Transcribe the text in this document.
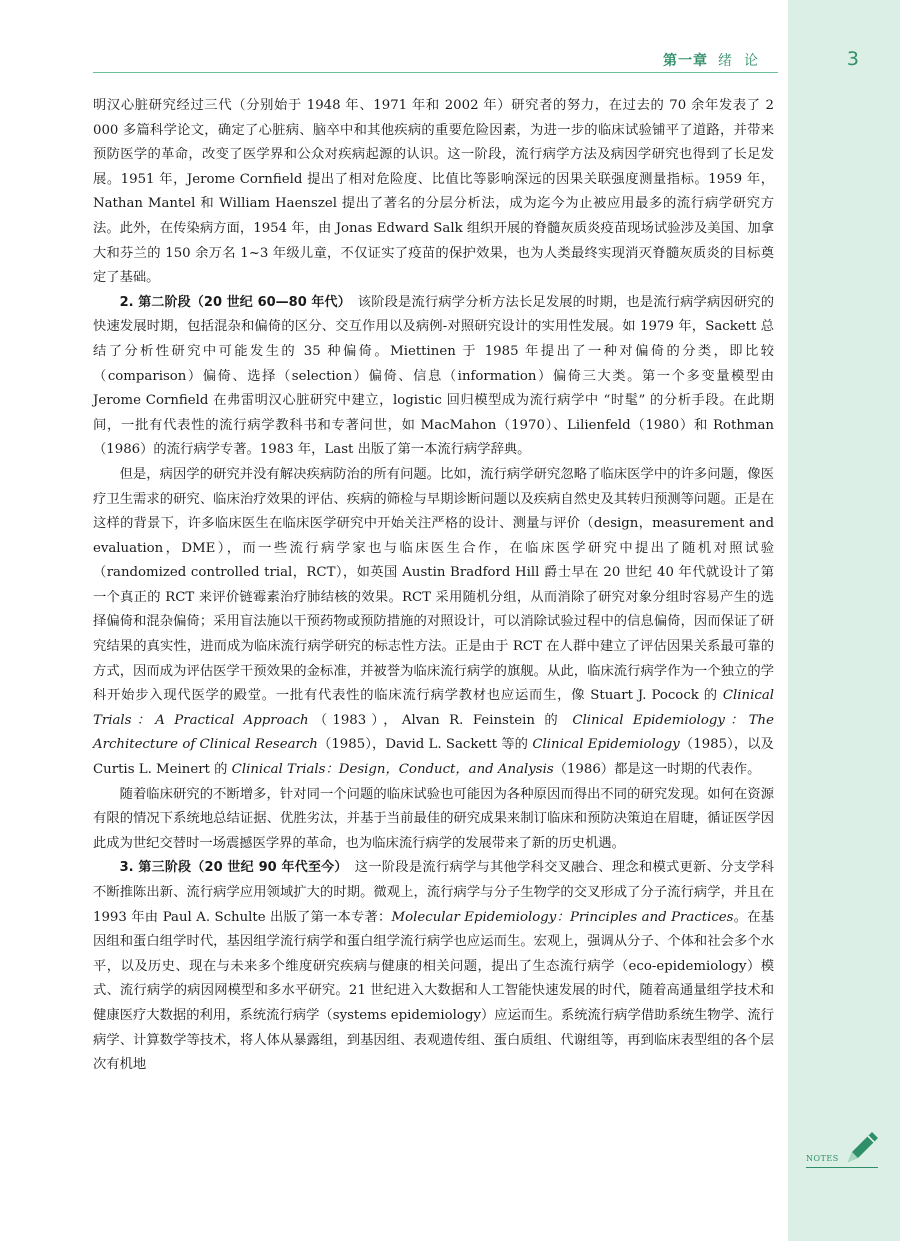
第一章 绪论	3

明汉心脏研究经过三代（分别始于 1948 年、1971 年和 2002 年）研究者的努力，在过去的 70 余年发表了 2 000 多篇科学论文，确定了心脏病、脑卒中和其他疾病的重要危险因素，为进一步的临床试验铺平了道路，并带来预防医学的革命，改变了医学界和公众对疾病起源的认识。这一阶段，流行病学方法及病因学研究也得到了长足发展。1951 年，Jerome Cornfield 提出了相对危险度、比值比等影响深远的因果关联强度测量指标。1959 年，Nathan Mantel 和 William Haenszel 提出了著名的分层分析法，成为迄今为止被应用最多的流行病学研究方法。此外，在传染病方面，1954 年，由 Jonas Edward Salk 组织开展的脊髓灰质炎疫苗现场试验涉及美国、加拿大和芬兰的 150 余万名 1~3 年级儿童，不仅证实了疫苗的保护效果，也为人类最终实现消灭脊髓灰质炎的目标奠定了基础。

2. 第二阶段（20 世纪 60—80 年代）　 该阶段是流行病学分析方法长足发展的时期，也是流行病学病因研究的快速发展时期，包括混杂和偏倚的区分、交互作用以及病例-对照研究设计的实用性发展。如 1979 年，Sackett 总结了分析性研究中可能发生的 35 种偏倚。Miettinen 于 1985 年提出了一种对偏倚的分类，即比较（comparison）偏倚、选择（selection）偏倚、信息（information）偏倚三大类。第一个多变量模型由 Jerome Cornfield 在弗雷明汉心脏研究中建立，logistic 回归模型成为流行病学中 “时髦” 的分析手段。在此期间，一批有代表性的流行病学教科书和专著问世，如 MacMahon（1970）、Lilienfeld（1980）和 Rothman（1986）的流行病学专著。1983 年，Last 出版了第一本流行病学辞典。

但是，病因学的研究并没有解决疾病防治的所有问题。比如，流行病学研究忽略了临床医学中的许多问题，像医疗卫生需求的研究、临床治疗效果的评估、疾病的筛检与早期诊断问题以及疾病自然史及其转归预测等问题。正是在这样的背景下，许多临床医生在临床医学研究中开始关注严格的设计、测量与评价（design，measurement and evaluation，DME），而一些流行病学家也与临床医生合作，在临床医学研究中提出了随机对照试验（randomized controlled trial，RCT），如英国 Austin Bradford Hill 爵士早在 20 世纪 40 年代就设计了第一个真正的 RCT 来评价链霉素治疗肺结核的效果。RCT 采用随机分组，从而消除了研究对象分组时容易产生的选择偏倚和混杂偏倚；采用盲法施以干预药物或预防措施的对照设计，可以消除试验过程中的信息偏倚，因而保证了研究结果的真实性，进而成为临床流行病学研究的标志性方法。正是由于 RCT 在人群中建立了评估因果关系最可靠的方式，因而成为评估医学干预效果的金标准，并被誉为临床流行病学的旗舰。从此，临床流行病学作为一个独立的学科开始步入现代医学的殿堂。一批有代表性的临床流行病学教材也应运而生，像 Stuart J. Pocock 的 Clinical Trials：A Practical Approach（1983），Alvan R. Feinstein 的 Clinical Epidemiology：The Architecture of Clinical Research（1985），David L. Sackett 等的 Clinical Epidemiology（1985），以及 Curtis L. Meinert 的 Clinical Trials：Design，Conduct，and Analysis（1986）都是这一时期的代表作。

随着临床研究的不断增多，针对同一个问题的临床试验也可能因为各种原因而得出不同的研究发现。如何在资源有限的情况下系统地总结证据、优胜劣汰，并基于当前最佳的研究成果来制订临床和预防决策迫在眉睫，循证医学因此成为世纪交替时一场震撼医学界的革命，也为临床流行病学的发展带来了新的历史机遇。

3. 第三阶段（20 世纪 90 年代至今）　 这一阶段是流行病学与其他学科交叉融合、理念和模式更新、分支学科不断推陈出新、流行病学应用领域扩大的时期。微观上，流行病学与分子生物学的交叉形成了分子流行病学，并且在 1993 年由 Paul A. Schulte 出版了第一本专著：Molecular Epidemiology：Principles and Practices。在基因组和蛋白组学时代，基因组学流行病学和蛋白组学流行病学也应运而生。宏观上，强调从分子、个体和社会多个水平，以及历史、现在与未来多个维度研究疾病与健康的相关问题，提出了生态流行病学（eco-epidemiology）模式、流行病学的病因网模型和多水平研究。21 世纪进入大数据和人工智能快速发展的时代，随着高通量组学技术和健康医疗大数据的利用，系统流行病学（systems epidemiology）应运而生。系统流行病学借助系统生物学、流行病学、计算数学等技术，将人体从暴露组，到基因组、表观遗传组、蛋白质组、代谢组等，再到临床表型组的各个层次有机地

NOTES
